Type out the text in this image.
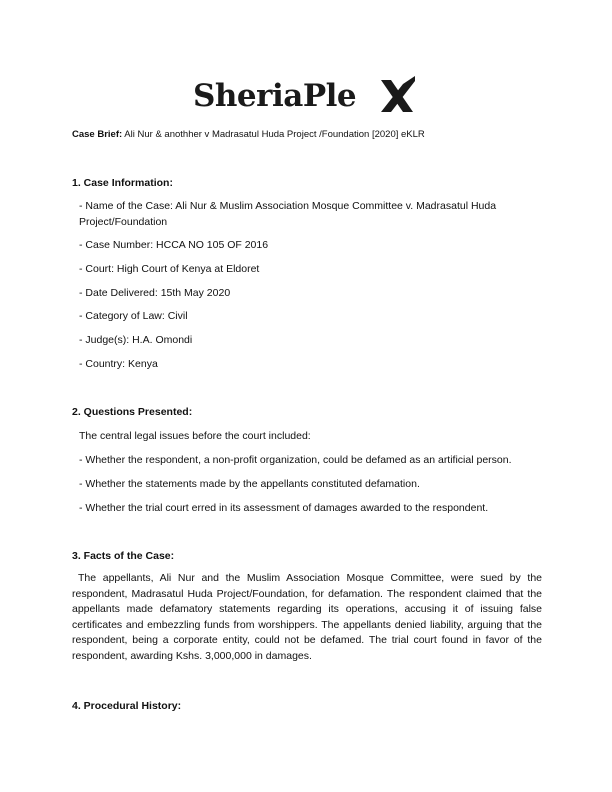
SheriaPle
Case Brief: Ali Nur & anothher v Madrasatul Huda Project /Foundation [2020] eKLR
1. Case Information:
- Name of the Case: Ali Nur & Muslim Association Mosque Committee v. Madrasatul Huda Project/Foundation
- Case Number: HCCA NO 105 OF 2016
- Court: High Court of Kenya at Eldoret
- Date Delivered: 15th May 2020
- Category of Law: Civil
- Judge(s): H.A. Omondi
- Country: Kenya
2. Questions Presented:
The central legal issues before the court included:
- Whether the respondent, a non-profit organization, could be defamed as an artificial person.
- Whether the statements made by the appellants constituted defamation.
- Whether the trial court erred in its assessment of damages awarded to the respondent.
3. Facts of the Case:
The appellants, Ali Nur and the Muslim Association Mosque Committee, were sued by the respondent, Madrasatul Huda Project/Foundation, for defamation. The respondent claimed that the appellants made defamatory statements regarding its operations, accusing it of issuing false certificates and embezzling funds from worshippers. The appellants denied liability, arguing that the respondent, being a corporate entity, could not be defamed. The trial court found in favor of the respondent, awarding Kshs. 3,000,000 in damages.
4. Procedural History:
